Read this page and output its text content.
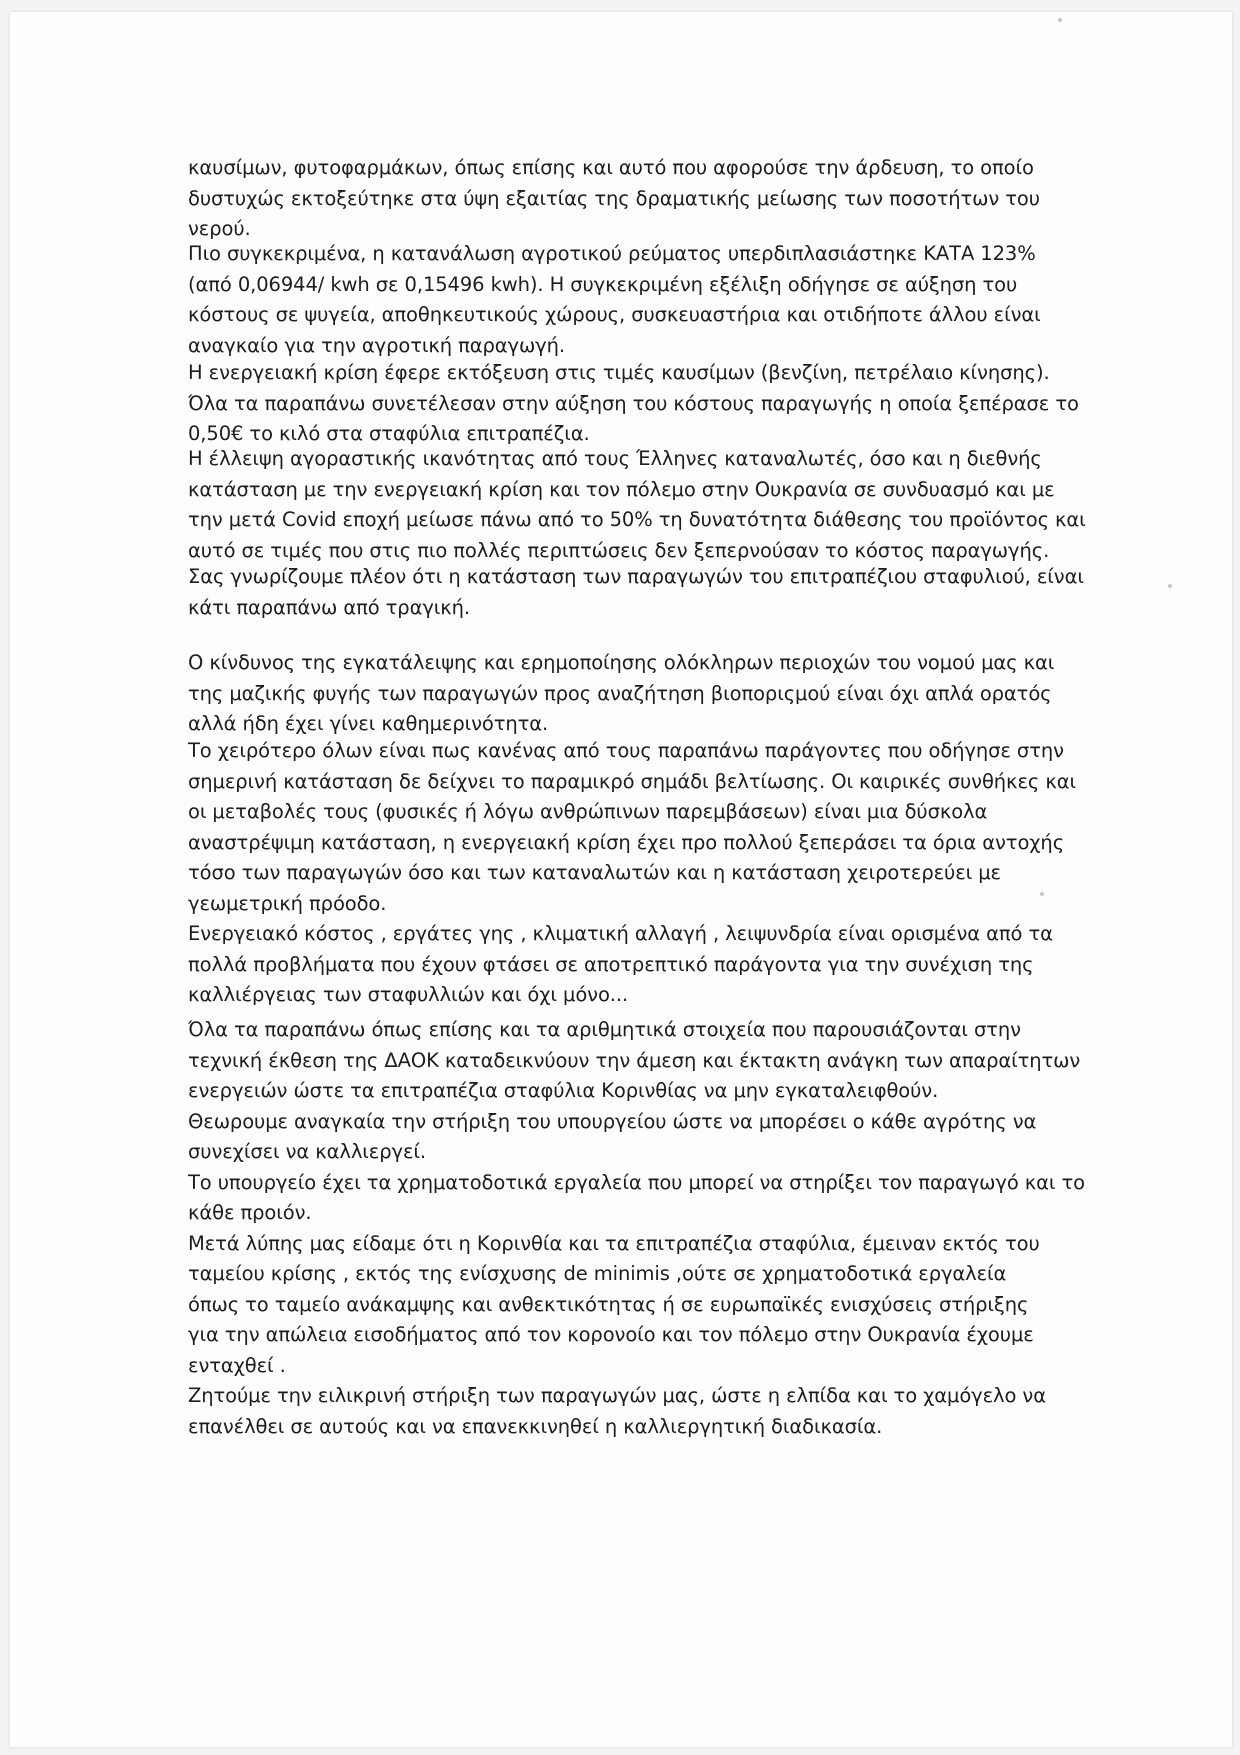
καυσίμων, φυτοφαρμάκων, όπως επίσης και αυτό που αφορούσε την άρδευση, το οποίο
δυστυχώς εκτοξεύτηκε στα ύψη εξαιτίας της δραματικής μείωσης των ποσοτήτων του
νερού.
Πιο συγκεκριμένα, η κατανάλωση αγροτικού ρεύματος υπερδιπλασιάστηκε ΚΑΤΑ 123%
(από 0,06944/ kwh σε 0,15496 kwh). Η συγκεκριμένη εξέλιξη οδήγησε σε αύξηση του
κόστους σε ψυγεία, αποθηκευτικούς χώρους, συσκευαστήρια και οτιδήποτε άλλου είναι
αναγκαίο για την αγροτική παραγωγή.
Η ενεργειακή κρίση έφερε εκτόξευση στις τιμές καυσίμων (βενζίνη, πετρέλαιο κίνησης).
Όλα τα παραπάνω συνετέλεσαν στην αύξηση του κόστους παραγωγής η οποία ξεπέρασε το
0,50€ το κιλό στα σταφύλια επιτραπέζια.
Η έλλειψη αγοραστικής ικανότητας από τους Έλληνες καταναλωτές, όσο και η διεθνής
κατάσταση με την ενεργειακή κρίση και τον πόλεμο στην Ουκρανία σε συνδυασμό και με
την μετά Covid εποχή μείωσε πάνω από το 50% τη δυνατότητα διάθεσης του προϊόντος και
αυτό σε τιμές που στις πιο πολλές περιπτώσεις δεν ξεπερνούσαν το κόστος παραγωγής.
Σας γνωρίζουμε πλέον ότι η κατάσταση των παραγωγών του επιτραπέζιου σταφυλιού, είναι
κάτι παραπάνω από τραγική.
Ο κίνδυνος της εγκατάλειψης και ερημοποίησης ολόκληρων περιοχών του νομού μας και
της μαζικής φυγής των παραγωγών προς αναζήτηση βιοποριςμού είναι όχι απλά ορατός
αλλά ήδη έχει γίνει καθημερινότητα.
Το χειρότερο όλων είναι πως κανένας από τους παραπάνω παράγοντες που οδήγησε στην
σημερινή κατάσταση δε δείχνει το παραμικρό σημάδι βελτίωσης. Οι καιρικές συνθήκες και
οι μεταβολές τους (φυσικές ή λόγω ανθρώπινων παρεμβάσεων) είναι μια δύσκολα
αναστρέψιμη κατάσταση, η ενεργειακή κρίση έχει προ πολλού ξεπεράσει τα όρια αντοχής
τόσο των παραγωγών όσο και των καταναλωτών και η κατάσταση χειροτερεύει με
γεωμετρική πρόοδο.
Ενεργειακό κόστος , εργάτες γης , κλιματική αλλαγή , λειψυνδρία είναι ορισμένα από τα
πολλά προβλήματα που έχουν φτάσει σε αποτρεπτικό παράγοντα για την συνέχιση της
καλλιέργειας των σταφυλλιών και όχι μόνο...
Όλα τα παραπάνω όπως επίσης και τα αριθμητικά στοιχεία που παρουσιάζονται στην
τεχνική έκθεση της ΔΑΟΚ καταδεικνύουν την άμεση και έκτακτη ανάγκη των απαραίτητων
ενεργειών ώστε τα επιτραπέζια σταφύλια Κορινθίας να μην εγκαταλειφθούν.
Θεωρουμε αναγκαία την στήριξη του υπουργείου ώστε να μπορέσει ο κάθε αγρότης να
συνεχίσει να καλλιεργεί.
Το υπουργείο έχει τα χρηματοδοτικά εργαλεία που μπορεί να στηρίξει τον παραγωγό και το
κάθε προιόν.
Μετά λύπης μας είδαμε ότι η Κορινθία και τα επιτραπέζια σταφύλια, έμειναν εκτός του
ταμείου κρίσης , εκτός της ενίσχυσης de minimis ,ούτε σε χρηματοδοτικά εργαλεία
όπως το ταμείο ανάκαμψης και ανθεκτικότητας ή σε ευρωπαϊκές ενισχύσεις στήριξης
για την απώλεια εισοδήματος από τον κορονοίο και τον πόλεμο στην Ουκρανία έχουμε
ενταχθεί .
Ζητούμε την ειλικρινή στήριξη των παραγωγών μας, ώστε η ελπίδα και το χαμόγελο να
επανέλθει σε αυτούς και να επανεκκινηθεί η καλλιεργητική διαδικασία.
